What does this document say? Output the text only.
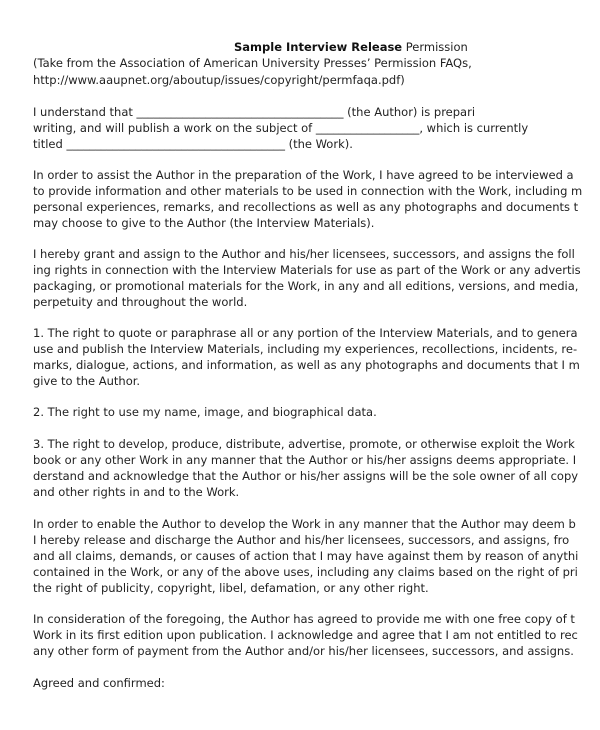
Sample Interview Release Permission
(Take from the Association of American University Presses’ Permission FAQs,
http://www.aaupnet.org/aboutup/issues/copyright/permfaqa.pdf)
I understand that ____________________________________ (the Author) is prepari
writing, and will publish a work on the subject of __________________, which is currently
titled ______________________________________ (the Work).
In order to assist the Author in the preparation of the Work, I have agreed to be interviewed a
to provide information and other materials to be used in connection with the Work, including m
personal experiences, remarks, and recollections as well as any photographs and documents t
may choose to give to the Author (the Interview Materials).
I hereby grant and assign to the Author and his/her licensees, successors, and assigns the foll
ing rights in connection with the Interview Materials for use as part of the Work or any advertis
packaging, or promotional materials for the Work, in any and all editions, versions, and media,
perpetuity and throughout the world.
1. The right to quote or paraphrase all or any portion of the Interview Materials, and to genera
use and publish the Interview Materials, including my experiences, recollections, incidents, re-
marks, dialogue, actions, and information, as well as any photographs and documents that I m
give to the Author.
2. The right to use my name, image, and biographical data.
3. The right to develop, produce, distribute, advertise, promote, or otherwise exploit the Work
book or any other Work in any manner that the Author or his/her assigns deems appropriate. I
derstand and acknowledge that the Author or his/her assigns will be the sole owner of all copy
and other rights in and to the Work.
In order to enable the Author to develop the Work in any manner that the Author may deem b
I hereby release and discharge the Author and his/her licensees, successors, and assigns, fro
and all claims, demands, or causes of action that I may have against them by reason of anythi
contained in the Work, or any of the above uses, including any claims based on the right of pri
the right of publicity, copyright, libel, defamation, or any other right.
In consideration of the foregoing, the Author has agreed to provide me with one free copy of t
Work in its first edition upon publication. I acknowledge and agree that I am not entitled to rec
any other form of payment from the Author and/or his/her licensees, successors, and assigns.
Agreed and confirmed:
